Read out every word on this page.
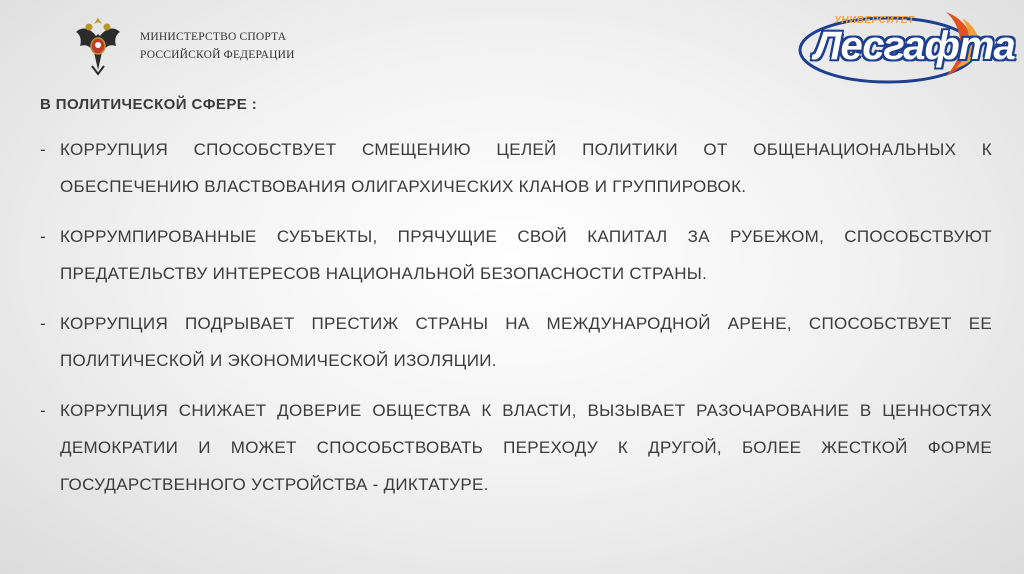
МИНИСТЕРСТВО СПОРТА
РОССИЙСКОЙ ФЕДЕРАЦИИ
УНИВЕРСИТЕТ
Лесгафта
В ПОЛИТИЧЕСКОЙ СФЕРЕ :
- КОРРУПЦИЯ СПОСОБСТВУЕТ СМЕЩЕНИЮ ЦЕЛЕЙ ПОЛИТИКИ ОТ ОБЩЕНАЦИОНАЛЬНЫХ К ОБЕСПЕЧЕНИЮ ВЛАСТВОВАНИЯ ОЛИГАРХИЧЕСКИХ КЛАНОВ И ГРУППИРОВОК.
- КОРРУМПИРОВАННЫЕ СУБЪЕКТЫ, ПРЯЧУЩИЕ СВОЙ КАПИТАЛ ЗА РУБЕЖОМ, СПОСОБСТВУЮТ ПРЕДАТЕЛЬСТВУ ИНТЕРЕСОВ НАЦИОНАЛЬНОЙ БЕЗОПАСНОСТИ СТРАНЫ.
- КОРРУПЦИЯ ПОДРЫВАЕТ ПРЕСТИЖ СТРАНЫ НА МЕЖДУНАРОДНОЙ АРЕНЕ, СПОСОБСТВУЕТ ЕЕ ПОЛИТИЧЕСКОЙ И ЭКОНОМИЧЕСКОЙ ИЗОЛЯЦИИ.
- КОРРУПЦИЯ СНИЖАЕТ ДОВЕРИЕ ОБЩЕСТВА К ВЛАСТИ, ВЫЗЫВАЕТ РАЗОЧАРОВАНИЕ В ЦЕННОСТЯХ ДЕМОКРАТИИ И МОЖЕТ СПОСОБСТВОВАТЬ ПЕРЕХОДУ К ДРУГОЙ, БОЛЕЕ ЖЕСТКОЙ ФОРМЕ ГОСУДАРСТВЕННОГО УСТРОЙСТВА - ДИКТАТУРЕ.
